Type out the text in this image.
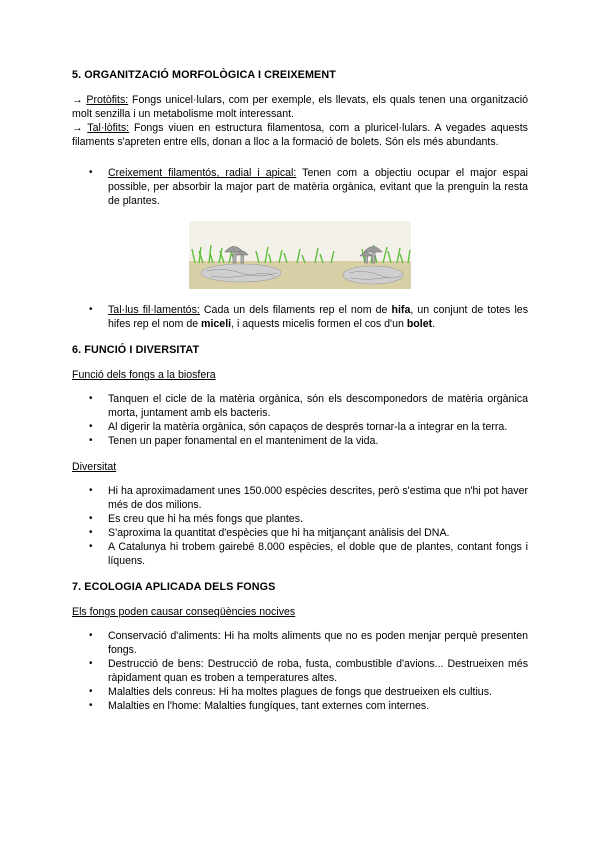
5. ORGANITZACIÓ MORFOLÒGICA I CREIXEMENT

→ Protòfits: Fongs unicel·lulars, com per exemple, els llevats, els quals tenen una organització molt senzilla i un metabolisme molt interessant.

→ Tal·lòfits: Fongs viuen en estructura filamentosa, com a pluricel·lulars. A vegades aquests filaments s'apreten entre ells, donan a lloc a la formació de bolets. Són els més abundants.

• Creixement filamentós, radial i apical: Tenen com a objectiu ocupar el major espai possible, per absorbir la major part de matèria orgànica, evitant que la prenguin la resta de plantes.
• Tal·lus fil·lamentós: Cada un dels filaments rep el nom de hifa, un conjunt de totes les hifes rep el nom de miceli, i aquests micelis formen el cos d'un bolet.
6. FUNCIÓ I DIVERSITAT
Funció dels fongs a la biosfera
• Tanquen el cicle de la matèria orgànica, són els descomponedors de matèria orgànica morta, juntament amb els bacteris.
• Al digerir la matèria orgànica, són capaços de després tornar-la a integrar en la terra.
• Tenen un paper fonamental en el manteniment de la vida.
Diversitat
• Hi ha aproximadament unes 150.000 espècies descrites, però s'estima que n'hi pot haver més de dos milions.
• Es creu que hi ha més fongs que plantes.
• S'aproxima la quantitat d'espècies que hi ha mitjançant anàlisis del DNA.
• A Catalunya hi trobem gairebé 8.000 espècies, el doble que de plantes, contant fongs i líquens.
7. ECOLOGIA APLICADA DELS FONGS
Els fongs poden causar conseqüències nocives
• Conservació d'aliments: Hi ha molts aliments que no es poden menjar perquè presenten fongs.
• Destrucció de bens: Destrucció de roba, fusta, combustible d'avions... Destrueixen més ràpidament quan es troben a temperatures altes.
• Malalties dels conreus: Hi ha moltes plagues de fongs que destrueixen els cultius.
• Malalties en l'home: Malalties fungíques, tant externes com internes.
